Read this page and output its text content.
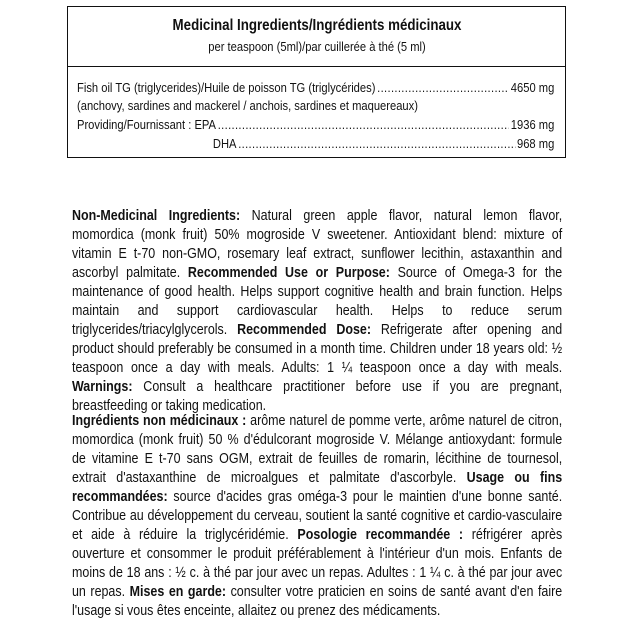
Medicinal Ingredients/Ingrédients médicinaux
per teaspoon (5ml)/par cuillerée à thé (5 ml)
Fish oil TG (triglycerides)/Huile de poisson TG (triglycérides) .....	4650 mg
(anchovy, sardines and mackerel / anchois, sardines et maquereaux)
Providing/Fournissant : EPA .....	1936 mg
DHA .....	968 mg
Non-Medicinal Ingredients: Natural green apple flavor, natural lemon flavor, momordica (monk fruit) 50% mogroside V sweetener. Antioxidant blend: mixture of vitamin E t-70 non-GMO, rosemary leaf extract, sunflower lecithin, astaxanthin and ascorbyl palmitate. Recommended Use or Purpose: Source of Omega-3 for the maintenance of good health. Helps support cognitive health and brain function. Helps maintain and support cardiovascular health. Helps to reduce serum triglycerides/triacylglycerols. Recommended Dose: Refrigerate after opening and product should preferably be consumed in a month time. Children under 18 years old: ½ teaspoon once a day with meals. Adults: 1 ¼ teaspoon once a day with meals. Warnings: Consult a healthcare practitioner before use if you are pregnant, breastfeeding or taking medication.
Ingrédients non médicinaux : arôme naturel de pomme verte, arôme naturel de citron, momordica (monk fruit) 50 % d'édulcorant mogroside V. Mélange antioxydant: formule de vitamine E t-70 sans OGM, extrait de feuilles de romarin, lécithine de tournesol, extrait d'astaxanthine de microalgues et palmitate d'ascorbyle. Usage ou fins recommandées: source d'acides gras oméga-3 pour le maintien d'une bonne santé. Contribue au développement du cerveau, soutient la santé cognitive et cardio-vasculaire et aide à réduire la triglycéridémie. Posologie recommandée : réfrigérer après ouverture et consommer le produit préférablement à l'intérieur d'un mois. Enfants de moins de 18 ans : ½ c. à thé par jour avec un repas. Adultes : 1 ¼ c. à thé par jour avec un repas. Mises en garde: consulter votre praticien en soins de santé avant d'en faire l'usage si vous êtes enceinte, allaitez ou prenez des médicaments.
